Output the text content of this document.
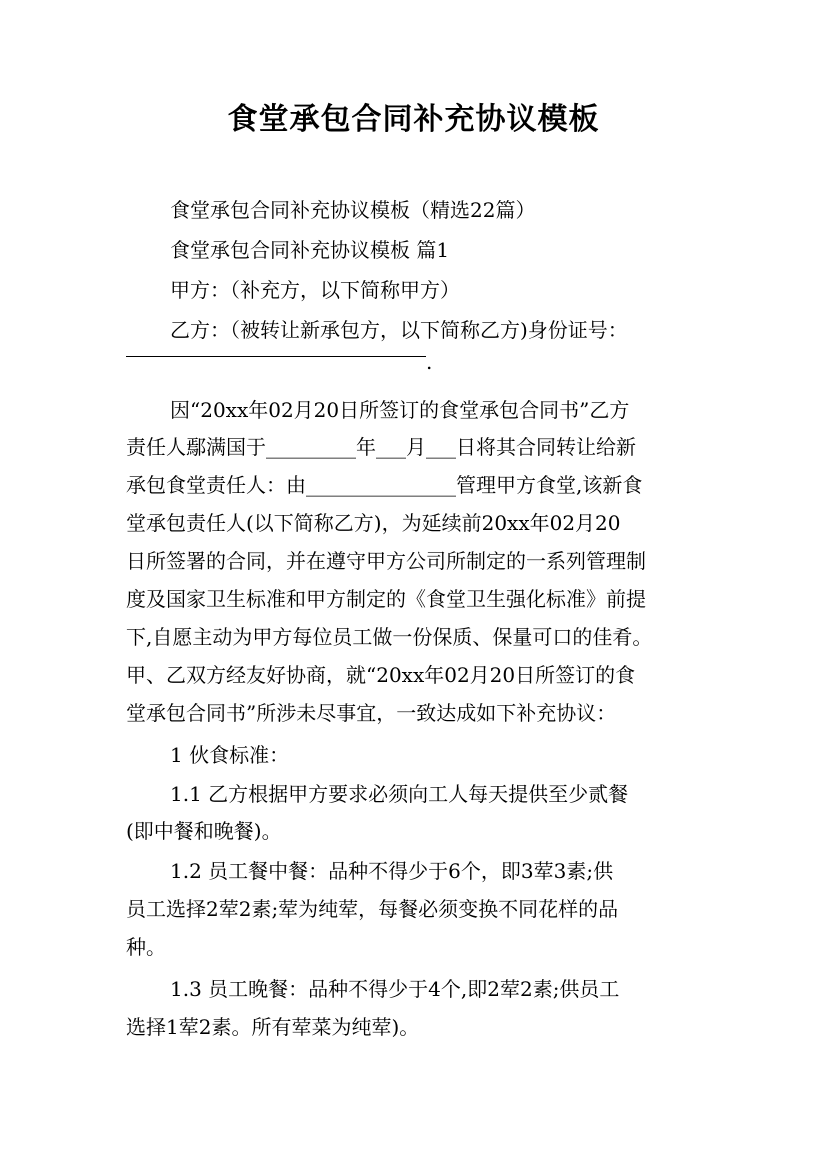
食堂承包合同补充协议模板
食堂承包合同补充协议模板（精选22篇）
食堂承包合同补充协议模板 篇1
甲方：（补充方，以下简称甲方）
乙方：（被转让新承包方，以下简称乙方)身份证号：
.
因“20xx年02月20日所签订的食堂承包合同书”乙方
责任人鄢满国于_________年___月___日将其合同转让给新
承包食堂责任人：由_______________管理甲方食堂,该新食
堂承包责任人(以下简称乙方)，为延续前20xx年02月20
日所签署的合同，并在遵守甲方公司所制定的一系列管理制
度及国家卫生标准和甲方制定的《食堂卫生强化标准》前提
下,自愿主动为甲方每位员工做一份保质、保量可口的佳肴。
甲、乙双方经友好协商，就“20xx年02月20日所签订的食
堂承包合同书”所涉未尽事宜，一致达成如下补充协议：
1 伙食标准：
1.1 乙方根据甲方要求必须向工人每天提供至少贰餐
(即中餐和晚餐)。
1.2 员工餐中餐：品种不得少于6个，即3荤3素;供
员工选择2荤2素;荤为纯荤，每餐必须变换不同花样的品
种。
1.3 员工晚餐：品种不得少于4个,即2荤2素;供员工
选择1荤2素。所有荤菜为纯荤)。
